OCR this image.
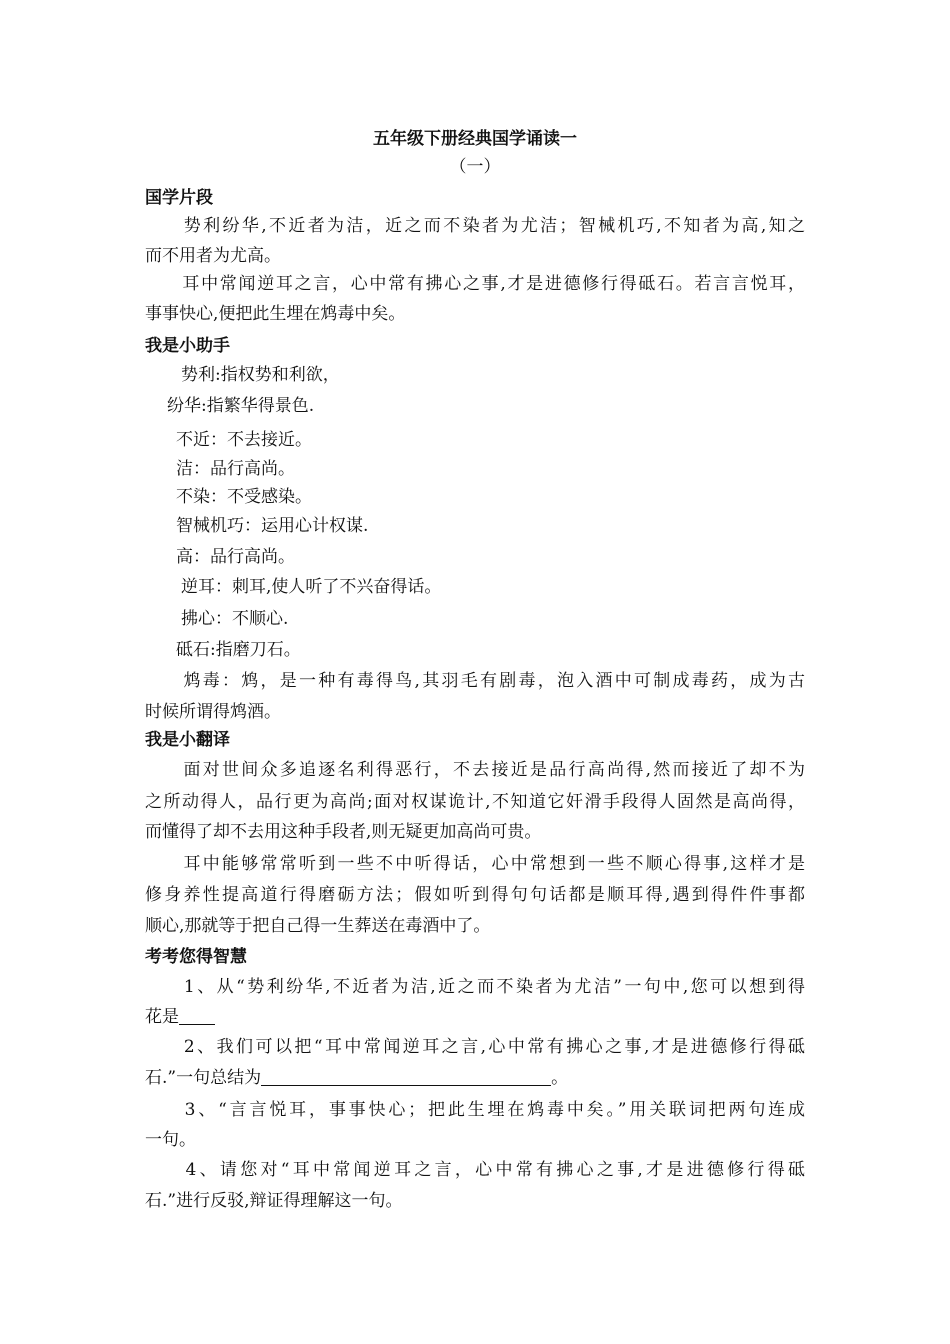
五年级下册经典国学诵读一
（一）
国学片段
　　势利纷华,不近者为洁，近之而不染者为尤洁；智械机巧,不知者为高,知之
而不用者为尤高。
　　耳中常闻逆耳之言，心中常有拂心之事,才是进德修行得砥石。若言言悦耳，
事事快心,便把此生埋在鸩毒中矣。
我是小助手
势利:指权势和利欲，
纷华:指繁华得景色.
不近：不去接近。
洁：品行高尚。
不染：不受感染。
智械机巧：运用心计权谋.
高：品行高尚。
逆耳：刺耳,使人听了不兴奋得话。
拂心：不顺心.
砥石:指磨刀石。
　　鸩毒：鸩，是一种有毒得鸟,其羽毛有剧毒，泡入酒中可制成毒药，成为古
时候所谓得鸩酒。
我是小翻译
　　面对世间众多追逐名利得恶行，不去接近是品行高尚得,然而接近了却不为
之所动得人，品行更为高尚;面对权谋诡计,不知道它奸滑手段得人固然是高尚得，
而懂得了却不去用这种手段者,则无疑更加高尚可贵。
　　耳中能够常常听到一些不中听得话，心中常想到一些不顺心得事,这样才是
修身养性提高道行得磨砺方法；假如听到得句句话都是顺耳得,遇到得件件事都
顺心,那就等于把自己得一生葬送在毒酒中了。
考考您得智慧
　　1、从“势利纷华,不近者为洁,近之而不染者为尤洁”一句中,您可以想到得
花是
　　2、我们可以把“耳中常闻逆耳之言,心中常有拂心之事,才是进德修行得砥
石.”一句总结为	。
　　3、“言言悦耳，事事快心；把此生埋在鸩毒中矣。”用关联词把两句连成
一句。
　　4、请您对“耳中常闻逆耳之言，心中常有拂心之事,才是进德修行得砥
石.”进行反驳,辩证得理解这一句。
